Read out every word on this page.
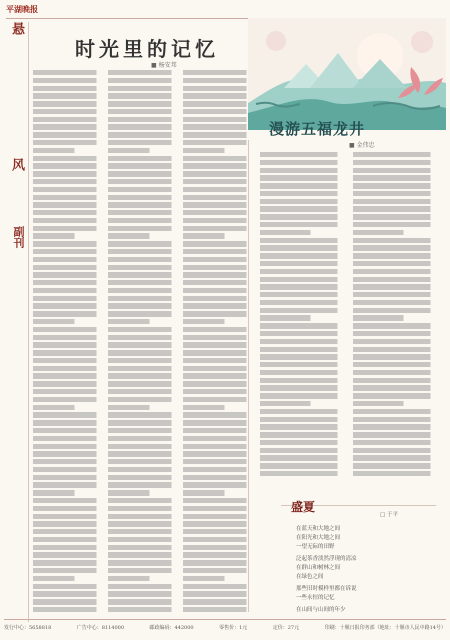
平湖晚报
悬
风
副刊
时光里的记忆
■ 杨安邦
漫游五福龙井
■ 金伟忠
盛夏
□ 于平
在蓝天和大地之间
在阳光和大地之间
一望无际的田野
泛起茶香淡然浮现的清凉
在群山和树林之间
在绿色之间
那些旧时模样里都在诉说
一些永恒的记忆
在山间与山间的年少
发行中心：5658818	广告中心：8114000	邮政编码：442000	零售价：1元	定价：27元	印刷：十堰日报印务部（地址：十堰市人民中路14号）
